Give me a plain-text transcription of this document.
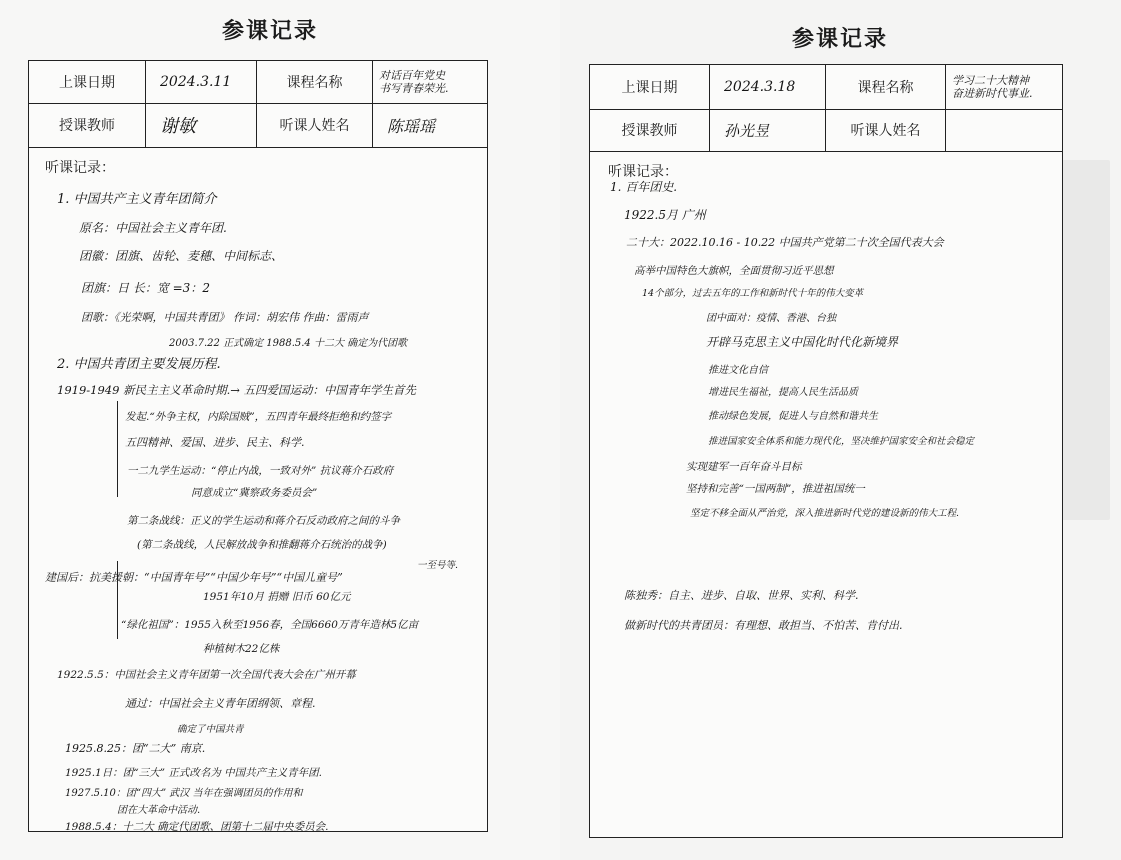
参课记录
上课日期	2024.3.11	课程名称	对话百年党史
书写青春荣光.
授课教师	谢敏	听课人姓名	陈瑶瑶
听课记录：
1. 中国共产主义青年团简介
原名：中国社会主义青年团.
团徽：团旗、齿轮、麦穗、中间标志、
团旗：日 长：宽 =3：2
团歌：《光荣啊，中国共青团》 作词：胡宏伟 作曲：雷雨声
2003.7.22 正式确定 1988.5.4 十二大 确定为代团歌
2. 中国共青团主要发展历程.
1919-1949 新民主主义革命时期.→ 五四爱国运动：中国青年学生首先
发起.“外争主权，内除国贼”，五四青年最终拒绝和约签字
五四精神、爱国、进步、民主、科学.
一二九学生运动：“停止内战，一致对外” 抗议蒋介石政府
同意成立“冀察政务委员会”
第二条战线：正义的学生运动和蒋介石反动政府之间的斗争
(第二条战线，人民解放战争和推翻蒋介石统治的战争)
建国后：抗美援朝：“中国青年号”“中国少年号”“中国儿童号”
一至号等.
1951年10月 捐赠 旧币 60亿元
“绿化祖国”：1955入秋至1956春，全国6660万青年造林5亿亩
种植树木22亿株
1922.5.5：中国社会主义青年团第一次全国代表大会在广州开幕
通过：中国社会主义青年团纲领、章程.
确定了中国共青
1925.8.25：团“二大” 南京.
1925.1日：团“三大” 正式改名为 中国共产主义青年团.
1927.5.10：团“四大” 武汉 当年在强调团员的作用和
团在大革命中活动.
1988.5.4：十二大 确定代团歌、团第十二届中央委员会.
参课记录
上课日期	2024.3.18	课程名称	学习二十大精神
奋进新时代事业.
授课教师	孙光昱	听课人姓名
听课记录：
1. 百年团史.
1922.5月 广州
二十大：2022.10.16 - 10.22 中国共产党第二十次全国代表大会
高举中国特色大旗帜，全面贯彻习近平思想
14个部分，过去五年的工作和新时代十年的伟大变革
团中面对：疫情、香港、台独
开辟马克思主义中国化时代化新境界
推进文化自信
增进民生福祉，提高人民生活品质
推动绿色发展，促进人与自然和谐共生
推进国家安全体系和能力现代化，坚决维护国家安全和社会稳定
实现建军一百年奋斗目标
坚持和完善“一国两制”，推进祖国统一
坚定不移全面从严治党，深入推进新时代党的建设新的伟大工程.
陈独秀：自主、进步、自取、世界、实利、科学.
做新时代的共青团员：有理想、敢担当、不怕苦、肯付出.
